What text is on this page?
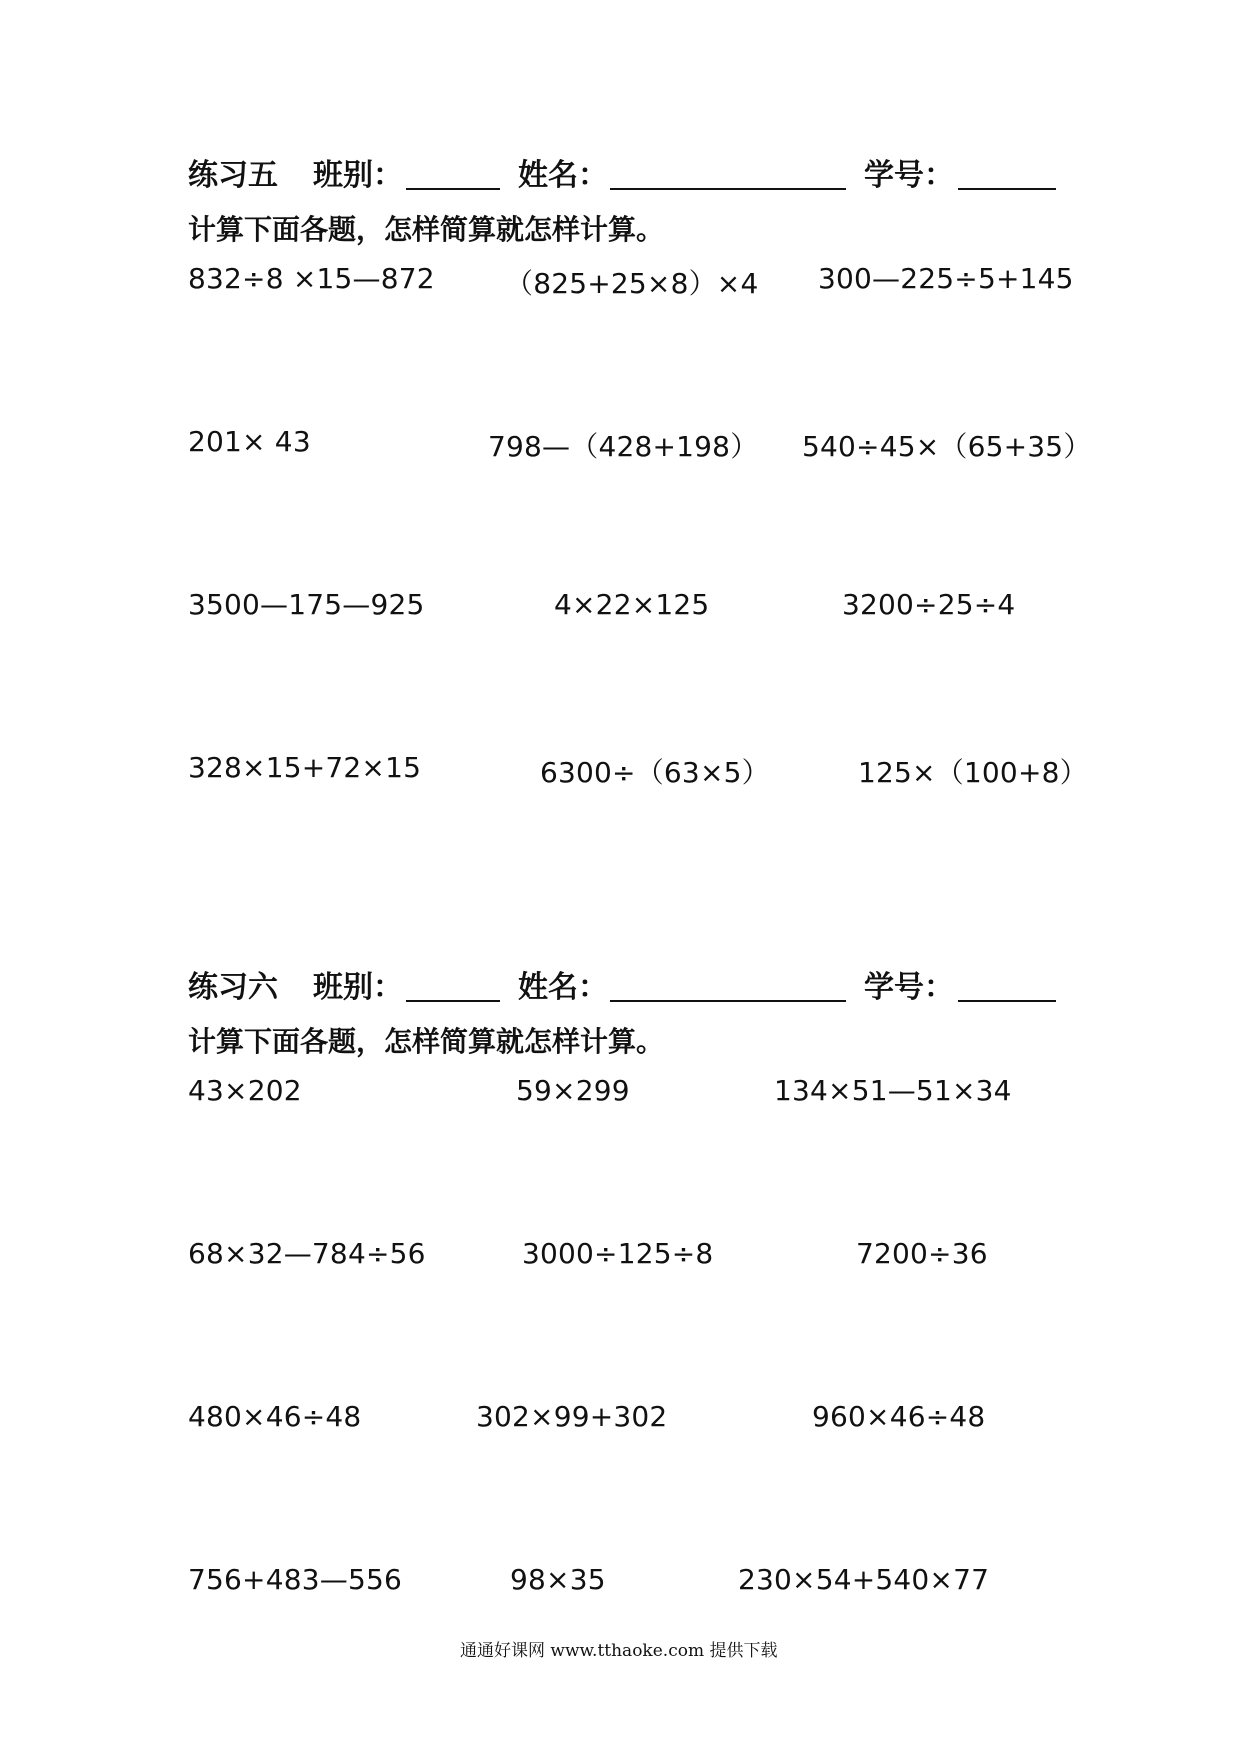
练习五 班别：	姓名：	学号：
计算下面各题，怎样简算就怎样计算。
832÷8 ×15—872	（825+25×8）×4 300—225÷5+145
201× 43	798—（428+198） 540÷45×（65+35）
3500—175—925	4×22×125	3200÷25÷4
328×15+72×15	6300÷（63×5）	125×（100+8）
练习六 班别：	姓名：	学号：
计算下面各题，怎样简算就怎样计算。
43×202	59×299	134×51—51×34
68×32—784÷56	3000÷125÷8	7200÷36
480×46÷48	302×99+302	960×46÷48
756+483—556	98×35	230×54+540×77
通通好课网 www.tthaoke.com 提供下载
